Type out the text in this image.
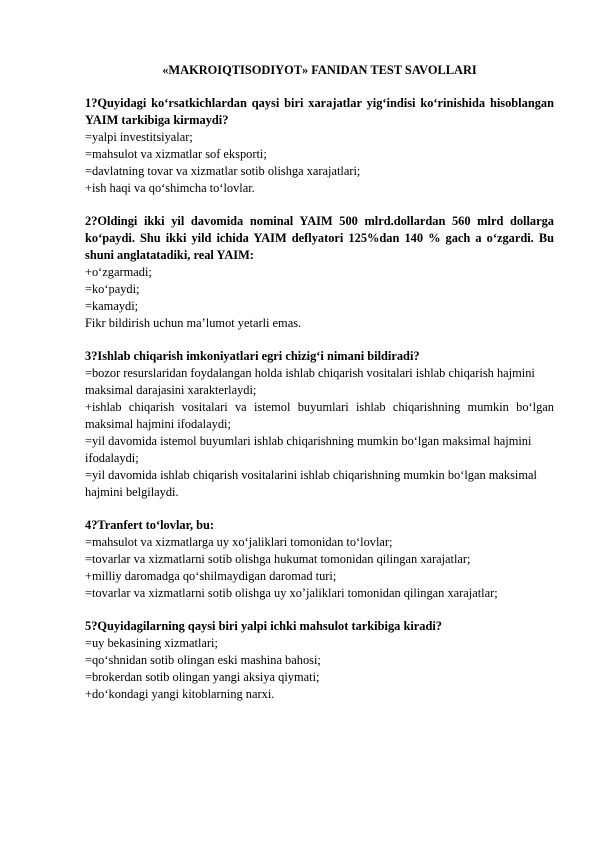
«MAKROIQTISODIYOT» FANIDAN TEST SAVOLLARI
1?Quyidagi ko‘rsatkichlardan qaysi biri xarajatlar yig‘indisi ko‘rinishida hisoblangan YAIM tarkibiga kirmaydi?
=yalpi investitsiyalar;
=mahsulot va xizmatlar sof eksporti;
=davlatning tovar va xizmatlar sotib olishga xarajatlari;
+ish haqi va qo‘shimcha to‘lovlar.
2?Oldingi ikki yil davomida nominal YAIM 500 mlrd.dollardan 560 mlrd dollarga ko‘paydi. Shu ikki yild ichida YAIM deflyatori 125%dan 140 % gach a o‘zgardi. Bu shuni anglatatadiki, real YAIM:
+o‘zgarmadi;
=ko‘paydi;
=kamaydi;
Fikr bildirish uchun ma’lumot yetarli emas.
3?Ishlab chiqarish imkoniyatlari egri chizig‘i nimani bildiradi?
=bozor resurslaridan foydalangan holda ishlab chiqarish vositalari ishlab chiqarish hajmini maksimal darajasini xarakterlaydi;
+ishlab chiqarish vositalari va istemol buyumlari ishlab chiqarishning mumkin bo‘lgan maksimal hajmini ifodalaydi;
=yil davomida istemol buyumlari ishlab chiqarishning mumkin bo‘lgan maksimal hajmini ifodalaydi;
=yil davomida ishlab chiqarish vositalarini ishlab chiqarishning mumkin bo‘lgan maksimal hajmini belgilaydi.
4?Tranfert to‘lovlar, bu:
=mahsulot va xizmatlarga uy xo‘jaliklari tomonidan to‘lovlar;
=tovarlar va xizmatlarni sotib olishga hukumat tomonidan qilingan xarajatlar;
+milliy daromadga qo‘shilmaydigan daromad turi;
=tovarlar va xizmatlarni sotib olishga uy xo’jaliklari tomonidan qilingan xarajatlar;
5?Quyidagilarning qaysi biri yalpi ichki mahsulot tarkibiga kiradi?
=uy bekasining xizmatlari;
=qo‘shnidan sotib olingan eski mashina bahosi;
=brokerdan sotib olingan yangi aksiya qiymati;
+do‘kondagi yangi kitoblarning narxi.
